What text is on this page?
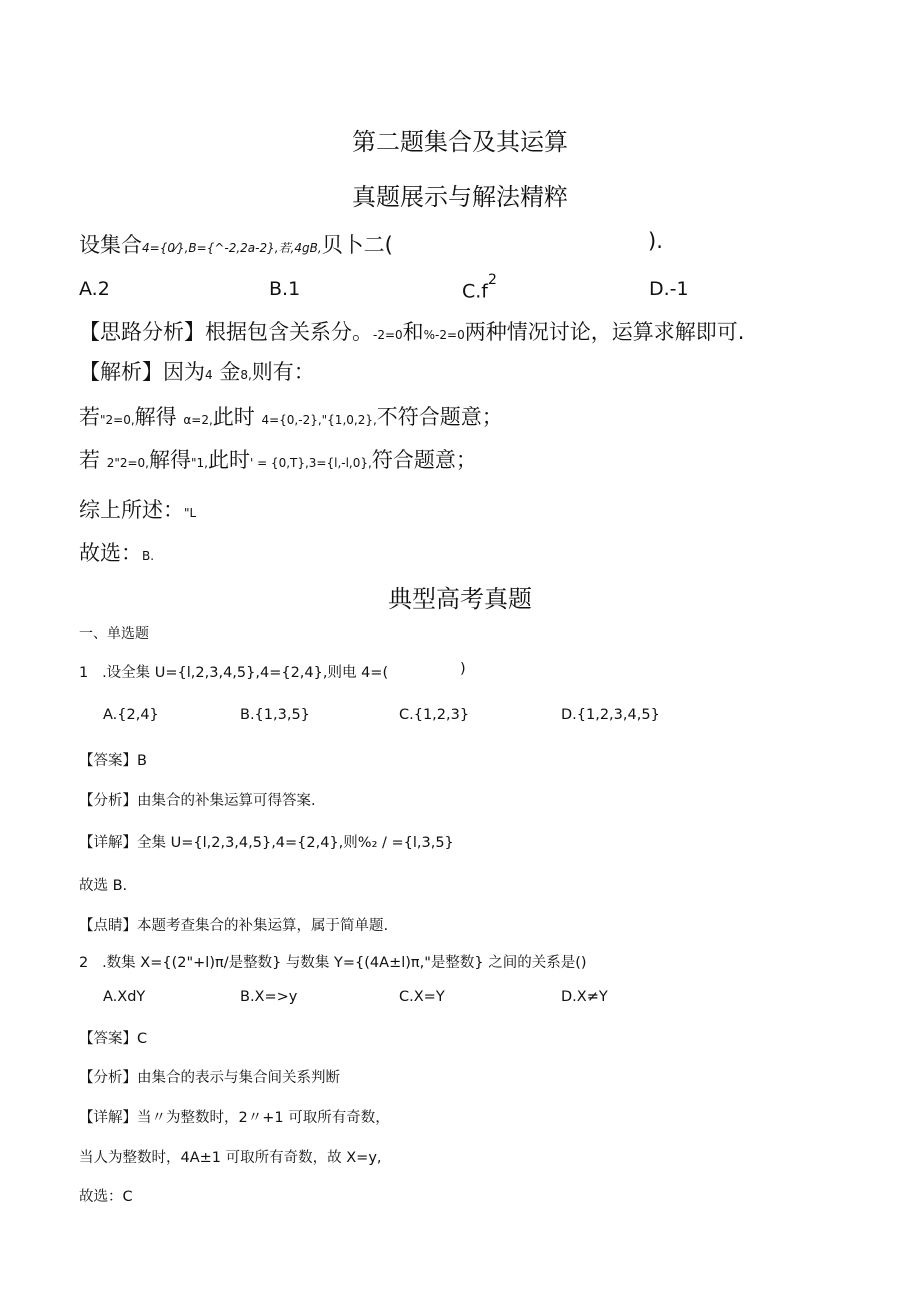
第二题集合及其运算
真题展示与解法精粹
设集合4={0⁄},B={^-2,2a-2},若,4gB,贝卜二(	).
A.2	B.1	$C.f^2$	D.-1
【思路分析】根据包含关系分。-2=0和%-2=0两种情况讨论，运算求解即可.
【解析】因为4 金8,则有：
若"2=0,解得 α=2,此时 4={0,-2},"{1,0,2},不符合题意；
若 2"2=0,解得"1,此时' = {0,T},3={l,-l,0},符合题意；
综上所述："L
故选：B.
典型高考真题
一、单选题
1 .设全集 U={l,2,3,4,5},4={2,4},则电 4=(	)
A.{2,4}	B.{1,3,5}	C.{1,2,3}	D.{1,2,3,4,5}
【答案】B
【分析】由集合的补集运算可得答案.
【详解】全集 U={l,2,3,4,5},4={2,4},则%₂ / ={l,3,5}
故选 B.
【点睛】本题考查集合的补集运算，属于简单题.
2 .数集 X={(2"+l)π/是整数} 与数集 Y={(4A±l)π,"是整数} 之间的关系是()
A.XdY	B.X=>y	C.X=Y	D.X≠Y
【答案】C
【分析】由集合的表示与集合间关系判断
【详解】当〃为整数时，2〃+1 可取所有奇数，
当人为整数时，4A±1 可取所有奇数，故 X=y,
故选：C
